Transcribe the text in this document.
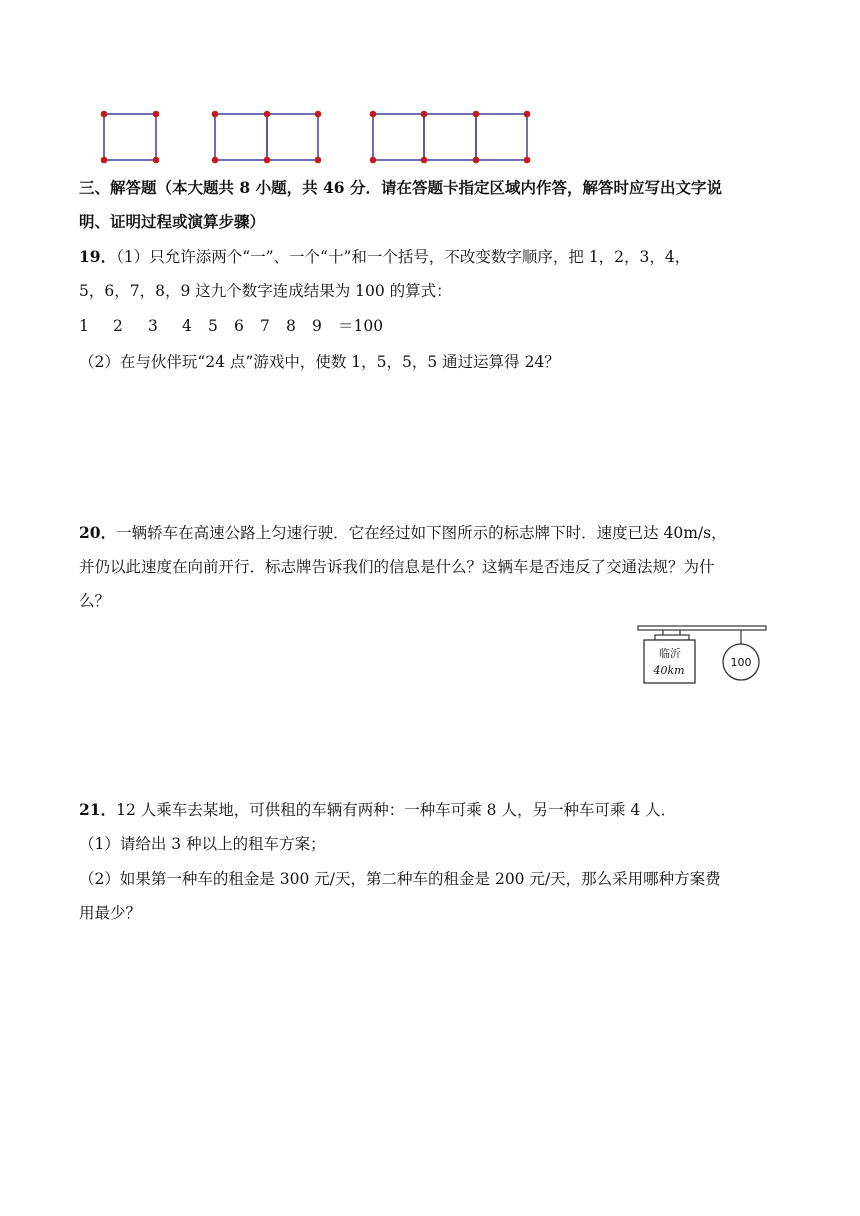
三、解答题（本大题共 8 小题，共 46 分．请在答题卡指定区域内作答，解答时应写出文字说
明、证明过程或演算步骤）
19．（1）只允许添两个“一”、一个“十”和一个括号，不改变数字顺序，把 1，2，3，4，
5，6，7，8，9 这九个数字连成结果为 100 的算式：
1 2 3 4 5 6 7 8 9 ＝100
（2）在与伙伴玩“24 点”游戏中，使数 1，5，5，5 通过运算得 24？
20．一辆轿车在高速公路上匀速行驶．它在经过如下图所示的标志牌下时．速度已达 40m/s，
并仍以此速度在向前开行．标志牌告诉我们的信息是什么？这辆车是否违反了交通法规？为什
么？
临沂
40km
100
21．12 人乘车去某地，可供租的车辆有两种：一种车可乘 8 人，另一种车可乘 4 人．
（1）请给出 3 种以上的租车方案；
（2）如果第一种车的租金是 300 元/天，第二种车的租金是 200 元/天，那么采用哪种方案费
用最少？
